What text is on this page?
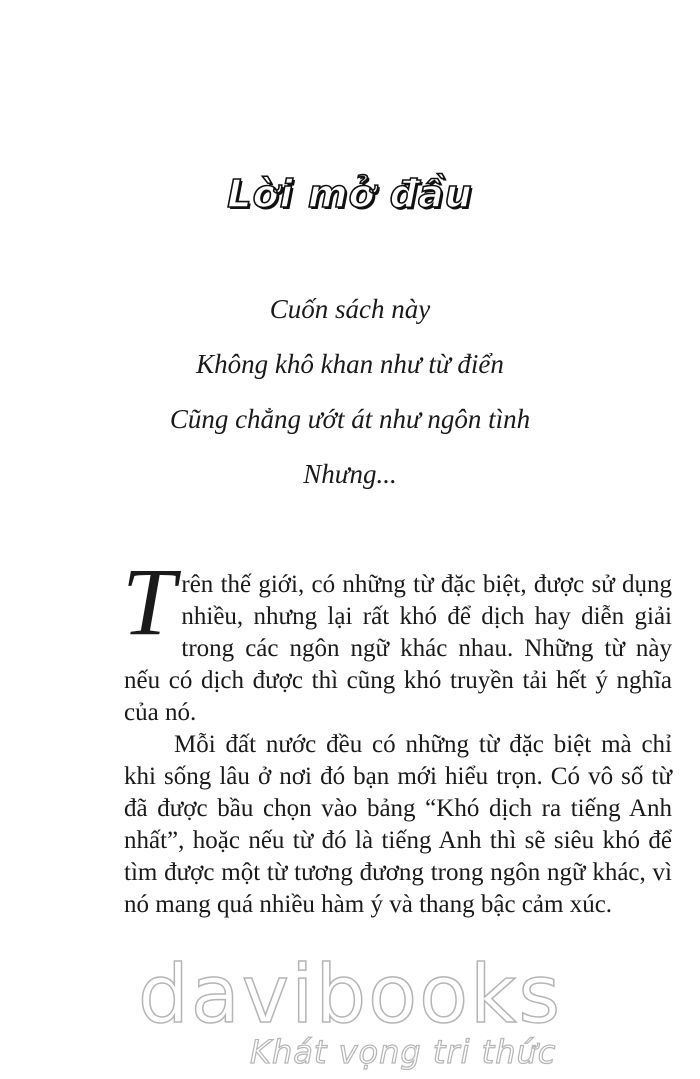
Lời mở đầu
Cuốn sách này
Không khô khan như từ điển
Cũng chẳng ướt át như ngôn tình
Nhưng...

Trên thế giới, có những từ đặc biệt, được sử dụng nhiều, nhưng lại rất khó để dịch hay diễn giải trong các ngôn ngữ khác nhau. Những từ này nếu có dịch được thì cũng khó truyền tải hết ý nghĩa của nó.

Mỗi đất nước đều có những từ đặc biệt mà chỉ khi sống lâu ở nơi đó bạn mới hiểu trọn. Có vô số từ đã được bầu chọn vào bảng “Khó dịch ra tiếng Anh nhất”, hoặc nếu từ đó là tiếng Anh thì sẽ siêu khó để tìm được một từ tương đương trong ngôn ngữ khác, vì nó mang quá nhiều hàm ý và thang bậc cảm xúc.

davibooks
Khát vọng tri thức
